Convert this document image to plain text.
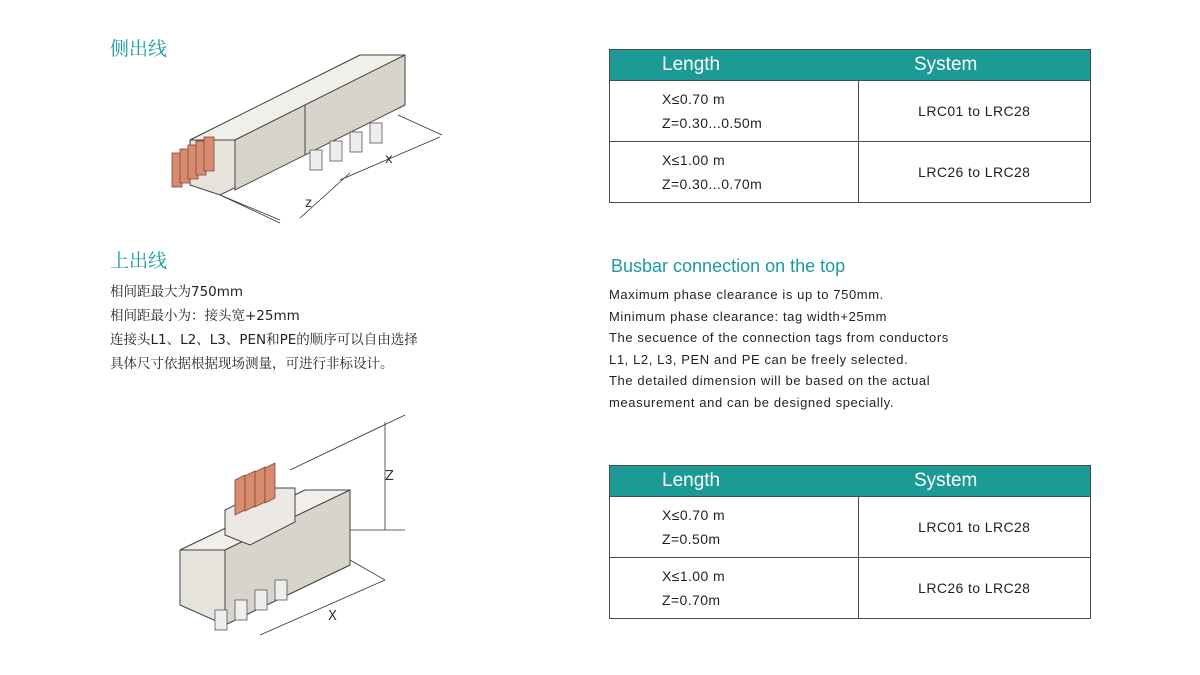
侧出线
x
z
上出线
相间距最大为750mm
相间距最小为：接头宽+25mm
连接头L1、L2、L3、PEN和PE的顺序可以自由选择
具体尺寸依据根据现场测量，可进行非标设计。
Z
X
Length	System

X≤0.70 m
Z=0.30...0.50m	LRC01 to LRC28

X≤1.00 m
Z=0.30...0.70m	LRC26 to LRC28
Busbar connection on the top
Maximum phase clearance is up to 750mm.
Minimum phase clearance: tag width+25mm
The secuence of the connection tags from conductors
L1, L2, L3, PEN and PE can be freely selected.
The detailed dimension will be based on the actual
measurement and can be designed specially.
Length	System

X≤0.70 m
Z=0.50m	LRC01 to LRC28

X≤1.00 m
Z=0.70m	LRC26 to LRC28
